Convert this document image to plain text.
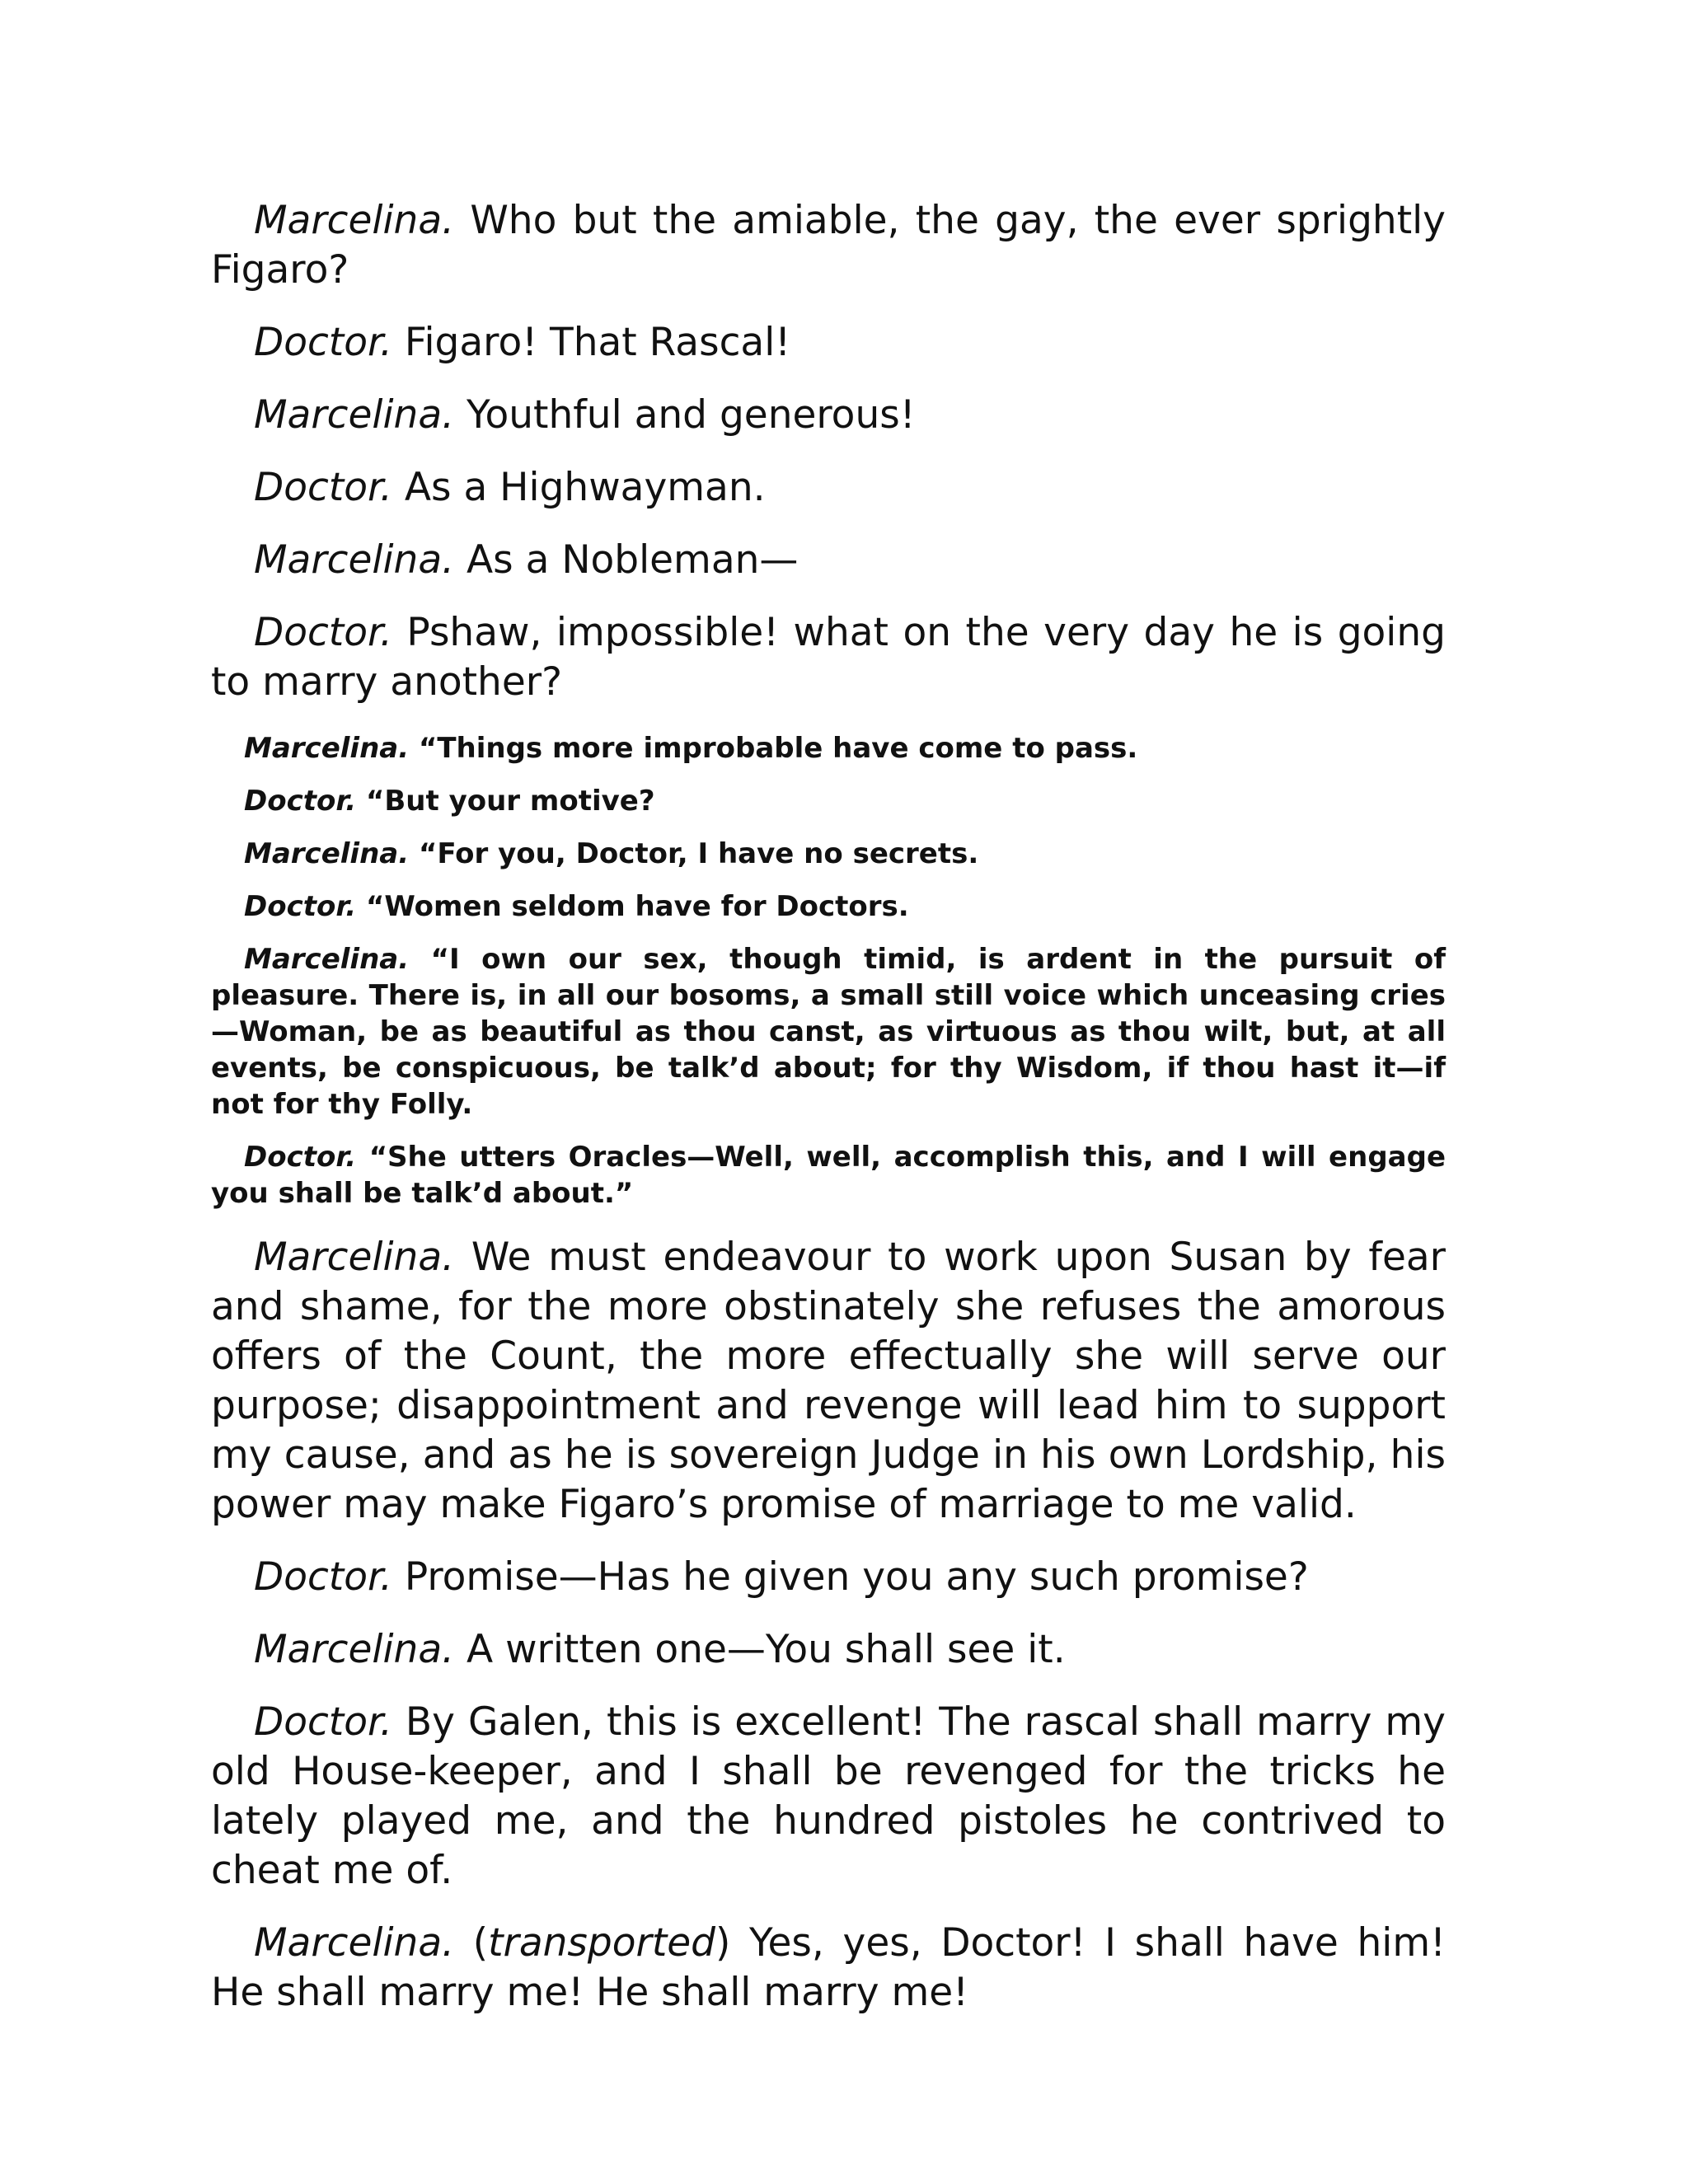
Marcelina. Who but the amiable, the gay, the ever sprightly Figaro?

Doctor. Figaro! That Rascal!

Marcelina. Youthful and generous!

Doctor. As a Highwayman.

Marcelina. As a Nobleman—

Doctor. Pshaw, impossible! what on the very day he is going to marry another?

Marcelina. “Things more improbable have come to pass.

Doctor. “But your motive?

Marcelina. “For you, Doctor, I have no secrets.

Doctor. “Women seldom have for Doctors.

Marcelina. “I own our sex, though timid, is ardent in the pursuit of pleasure. There is, in all our bosoms, a small still voice which unceasing cries—Woman, be as beautiful as thou canst, as virtuous as thou wilt, but, at all events, be conspicuous, be talk’d about; for thy Wisdom, if thou hast it—if not for thy Folly.

Doctor. “She utters Oracles—Well, well, accomplish this, and I will engage you shall be talk’d about.”

Marcelina. We must endeavour to work upon Susan by fear and shame, for the more obstinately she refuses the amorous offers of the Count, the more effectually she will serve our purpose; disappointment and revenge will lead him to support my cause, and as he is sovereign Judge in his own Lordship, his power may make Figaro’s promise of marriage to me valid.

Doctor. Promise—Has he given you any such promise?

Marcelina. A written one—You shall see it.

Doctor. By Galen, this is excellent! The rascal shall marry my old House-keeper, and I shall be revenged for the tricks he lately played me, and the hundred pistoles he contrived to cheat me of.

Marcelina. (transported) Yes, yes, Doctor! I shall have him! He shall marry me! He shall marry me!
